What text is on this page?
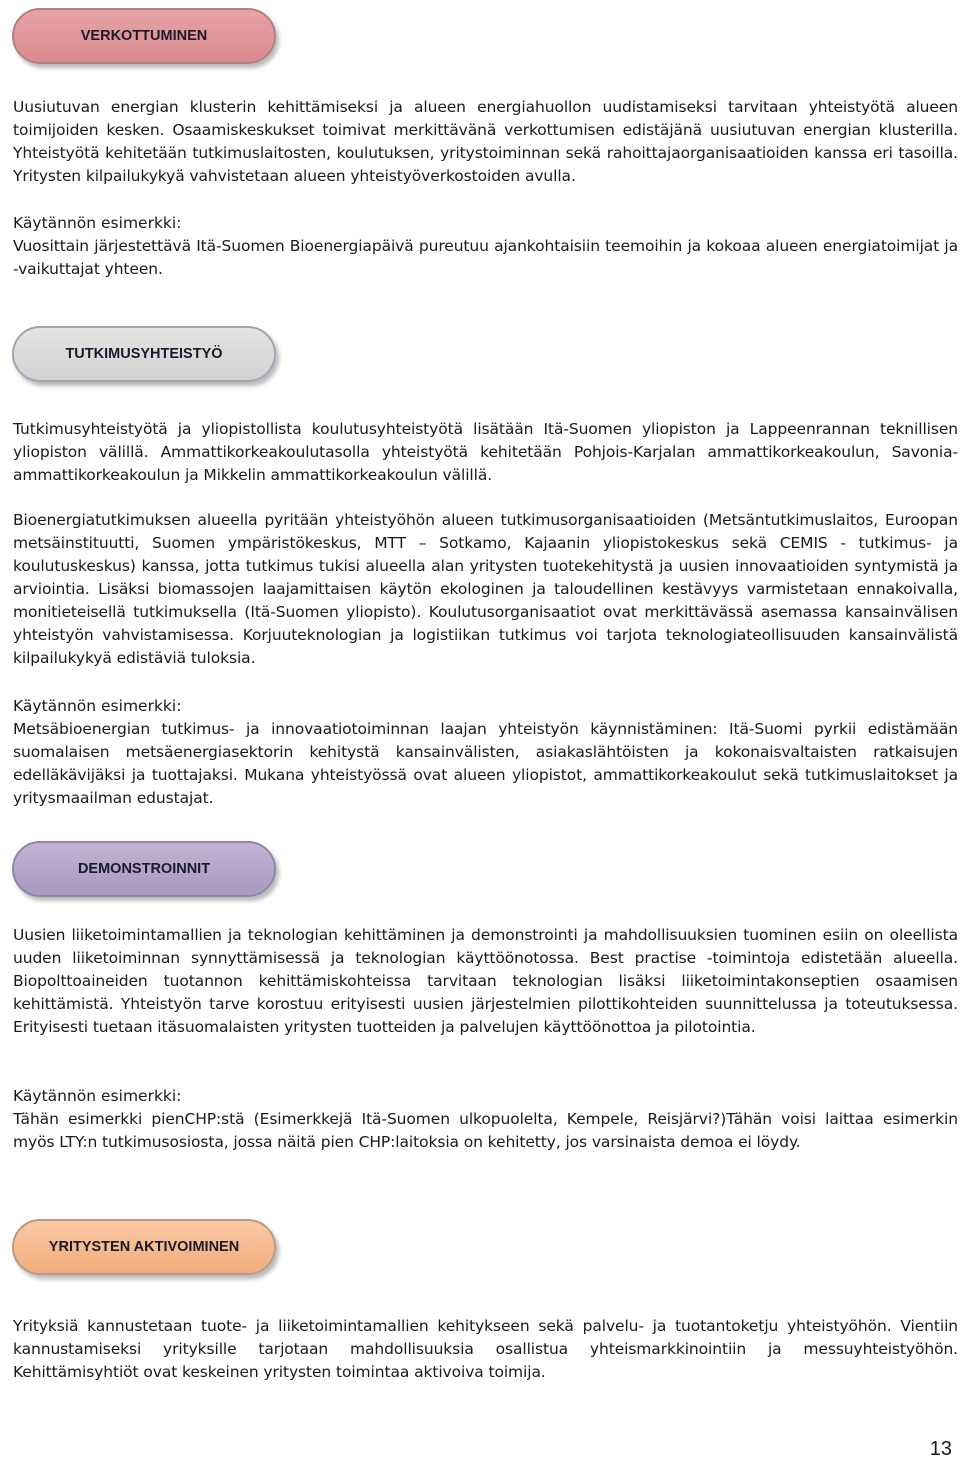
VERKOTTUMINEN

Uusiutuvan energian klusterin kehittämiseksi ja alueen energiahuollon uudistamiseksi tarvitaan yhteistyötä alueen toimijoiden kesken. Osaamiskeskukset toimivat merkittävänä verkottumisen edistäjänä uusiutuvan energian klusterilla. Yhteistyötä kehitetään tutkimuslaitosten, koulutuksen, yritystoiminnan sekä rahoittajaorganisaatioiden kanssa eri tasoilla. Yritysten kilpailukykyä vahvistetaan alueen yhteistyöverkostoiden avulla.

Käytännön esimerkki:

Vuosittain järjestettävä Itä-Suomen Bioenergiapäivä pureutuu ajankohtaisiin teemoihin ja kokoaa alueen energiatoimijat ja -vaikuttajat yhteen.

TUTKIMUSYHTEISTYÖ

Tutkimusyhteistyötä ja yliopistollista koulutusyhteistyötä lisätään Itä-Suomen yliopiston ja Lappeenrannan teknillisen yliopiston välillä. Ammattikorkeakoulutasolla yhteistyötä kehitetään Pohjois-Karjalan ammattikorkeakoulun, Savonia-ammattikorkeakoulun ja Mikkelin ammattikorkeakoulun välillä.

Bioenergiatutkimuksen alueella pyritään yhteistyöhön alueen tutkimusorganisaatioiden (Metsäntutkimuslaitos, Euroopan metsäinstituutti, Suomen ympäristökeskus, MTT – Sotkamo, Kajaanin yliopistokeskus sekä CEMIS - tutkimus- ja koulutuskeskus) kanssa, jotta tutkimus tukisi alueella alan yritysten tuotekehitystä ja uusien innovaatioiden syntymistä ja arviointia. Lisäksi biomassojen laajamittaisen käytön ekologinen ja taloudellinen kestävyys varmistetaan ennakoivalla, monitieteisellä tutkimuksella (Itä-Suomen yliopisto). Koulutusorganisaatiot ovat merkittävässä asemassa kansainvälisen yhteistyön vahvistamisessa. Korjuuteknologian ja logistiikan tutkimus voi tarjota teknologiateollisuuden kansainvälistä kilpailukykyä edistäviä tuloksia.

Käytännön esimerkki:

Metsäbioenergian tutkimus- ja innovaatiotoiminnan laajan yhteistyön käynnistäminen: Itä-Suomi pyrkii edistämään suomalaisen metsäenergiasektorin kehitystä kansainvälisten, asiakaslähtöisten ja kokonaisvaltaisten ratkaisujen edelläkävijäksi ja tuottajaksi. Mukana yhteistyössä ovat alueen yliopistot, ammattikorkeakoulut sekä tutkimuslaitokset ja yritysmaailman edustajat.

DEMONSTROINNIT

Uusien liiketoimintamallien ja teknologian kehittäminen ja demonstrointi ja mahdollisuuksien tuominen esiin on oleellista uuden liiketoiminnan synnyttämisessä ja teknologian käyttöönotossa. Best practise -toimintoja edistetään alueella. Biopolttoaineiden tuotannon kehittämiskohteissa tarvitaan teknologian lisäksi liiketoimintakonseptien osaamisen kehittämistä. Yhteistyön tarve korostuu erityisesti uusien järjestelmien pilottikohteiden suunnittelussa ja toteutuksessa. Erityisesti tuetaan itäsuomalaisten yritysten tuotteiden ja palvelujen käyttöönottoa ja pilotointia.

Käytännön esimerkki:

Tähän esimerkki pienCHP:stä (Esimerkkejä Itä-Suomen ulkopuolelta, Kempele, Reisjärvi?)Tähän voisi laittaa esimerkin myös LTY:n tutkimusosiosta, jossa näitä pien CHP:laitoksia on kehitetty, jos varsinaista demoa ei löydy.

YRITYSTEN AKTIVOIMINEN

Yrityksiä kannustetaan tuote- ja liiketoimintamallien kehitykseen sekä palvelu- ja tuotantoketju yhteistyöhön. Vientiin kannustamiseksi yrityksille tarjotaan mahdollisuuksia osallistua yhteismarkkinointiin ja messuyhteistyöhön. Kehittämisyhtiöt ovat keskeinen yritysten toimintaa aktivoiva toimija.

13
